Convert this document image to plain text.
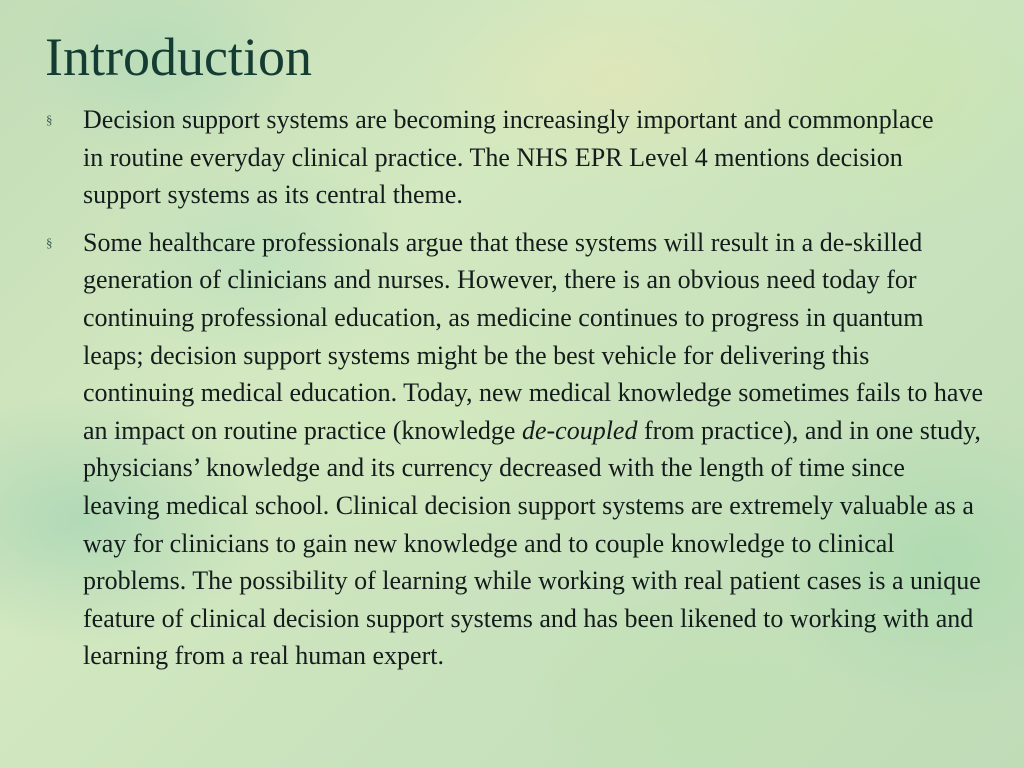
Introduction
§ Decision support systems are becoming increasingly important and commonplace in routine everyday clinical practice. The NHS EPR Level 4 mentions decision support systems as its central theme.
§ Some healthcare professionals argue that these systems will result in a de-skilled generation of clinicians and nurses. However, there is an obvious need today for continuing professional education, as medicine continues to progress in quantum leaps; decision support systems might be the best vehicle for delivering this continuing medical education. Today, new medical knowledge sometimes fails to have an impact on routine practice (knowledge de-coupled from practice), and in one study, physicians’ knowledge and its currency decreased with the length of time since leaving medical school. Clinical decision support systems are extremely valuable as a way for clinicians to gain new knowledge and to couple knowledge to clinical problems. The possibility of learning while working with real patient cases is a unique feature of clinical decision support systems and has been likened to working with and learning from a real human expert.
